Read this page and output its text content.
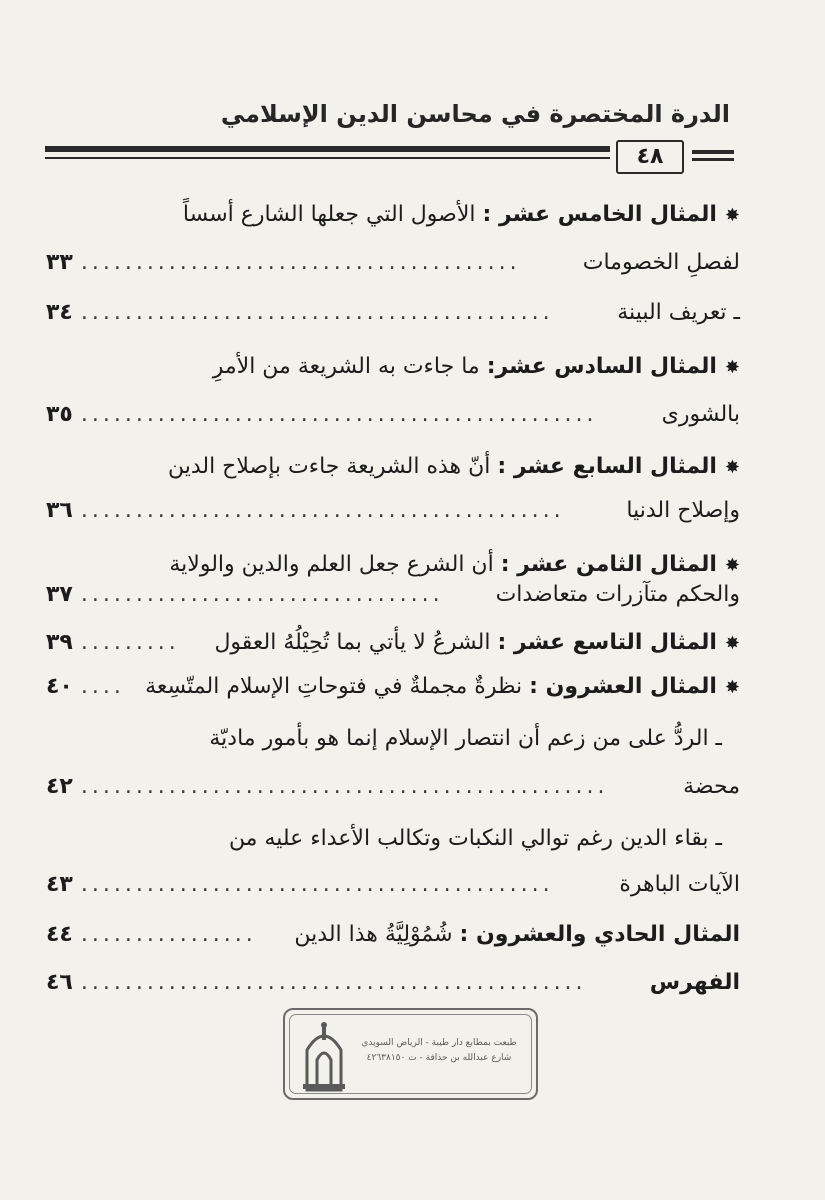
الدرة المختصرة في محاسن الدين الإسلامي
٤٨
✸المثال الخامس عشر : الأصول التي جعلها الشارع أسساً
لفصلِ الخصومات
٣٣ ........................................
ـ تعريف البينة
٣٤ ...........................................
✸المثال السادس عشر: ما جاءت به الشريعة من الأمرِ
بالشورى
٣٥ ...............................................
✸المثال السابع عشر : أنّ هذه الشريعة جاءت بإصلاح الدين
وإصلاح الدنيا
٣٦ ............................................
✸المثال الثامن عشر : أن الشرع جعل العلم والدين والولاية
والحكم متآزرات متعاضدات
٣٧ .................................
✸المثال التاسع عشر : الشرعُ لا يأتي بما تُحِيْلُهُ العقول
٣٩ .........
✸المثال العشرون : نظرةٌ مجملةٌ في فتوحاتِ الإسلام المتّسِعة
٤٠ ....
ـ الردُّ على من زعم أن انتصار الإسلام إنما هو بأمور ماديّة
محضة
٤٢ ................................................
ـ بقاء الدين رغم توالي النكبات وتكالب الأعداء عليه من
الآيات الباهرة
٤٣ ...........................................
المثال الحادي والعشرون : شُمُوْلِيَّةُ هذا الدين
٤٤ ................
الفهرس
٤٦ ..............................................
طبعت بمطابع دار طيبة - الرياض السويدي
شارع عبدالله بن حذافة - ت ٤٢٦٣٨١٥٠
